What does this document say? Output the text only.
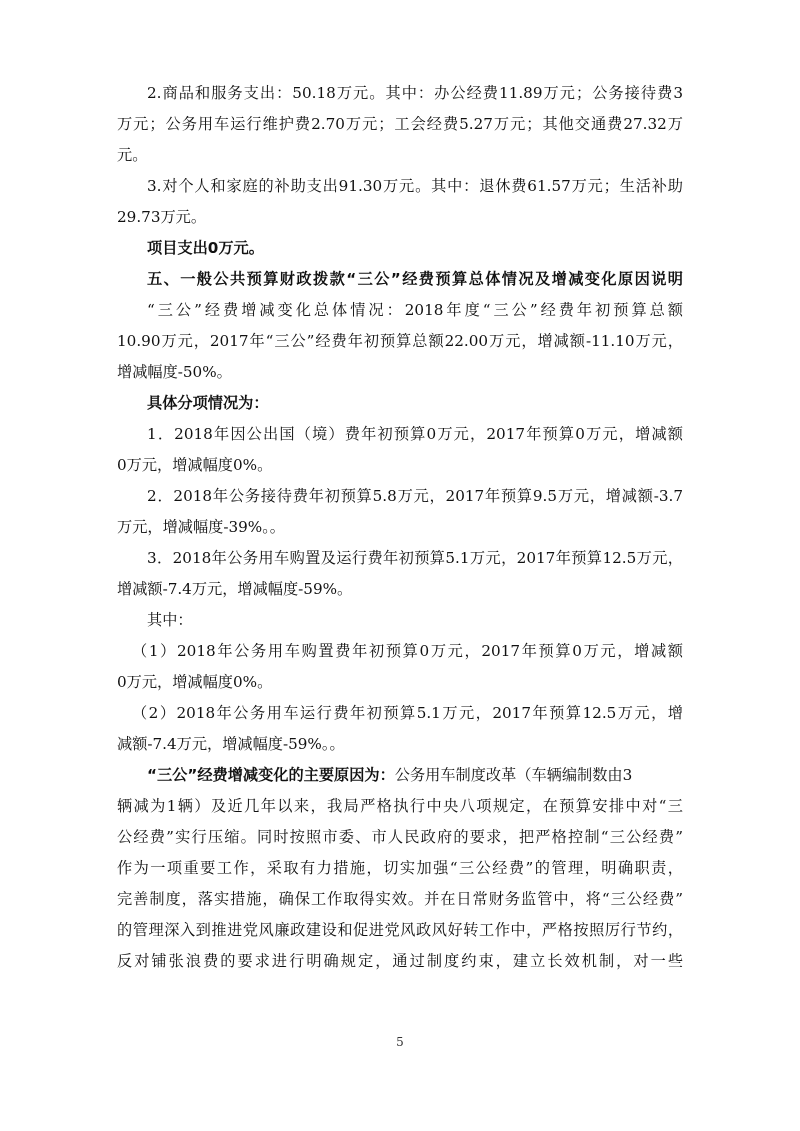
2.商品和服务支出：50.18万元。其中：办公经费11.89万元；公务接待费3
万元；公务用车运行维护费2.70万元；工会经费5.27万元；其他交通费27.32万
元。
3.对个人和家庭的补助支出91.30万元。其中：退休费61.57万元；生活补助
29.73万元。
项目支出0万元。
五、一般公共预算财政拨款“三公”经费预算总体情况及增减变化原因说明
“三公”经费增减变化总体情况：2018年度“三公”经费年初预算总额
10.90万元，2017年“三公”经费年初预算总额22.00万元，增减额-11.10万元，
增减幅度-50%。
具体分项情况为：
1．2018年因公出国（境）费年初预算0万元，2017年预算0万元，增减额
0万元，增减幅度0%。
2．2018年公务接待费年初预算5.8万元，2017年预算9.5万元，增减额-3.7
万元，增减幅度-39%。。
3．2018年公务用车购置及运行费年初预算5.1万元，2017年预算12.5万元，
增减额-7.4万元，增减幅度-59%。
其中：
（1）2018年公务用车购置费年初预算0万元，2017年预算0万元，增减额
0万元，增减幅度0%。
（2）2018年公务用车运行费年初预算5.1万元，2017年预算12.5万元，增
减额-7.4万元，增减幅度-59%。。
“三公”经费增减变化的主要原因为：公务用车制度改革（车辆编制数由3
辆减为1辆）及近几年以来，我局严格执行中央八项规定，在预算安排中对“三
公经费”实行压缩。同时按照市委、市人民政府的要求，把严格控制“三公经费”
作为一项重要工作，采取有力措施，切实加强“三公经费”的管理，明确职责，
完善制度，落实措施，确保工作取得实效。并在日常财务监管中，将“三公经费”
的管理深入到推进党风廉政建设和促进党风政风好转工作中，严格按照厉行节约，
反对铺张浪费的要求进行明确规定，通过制度约束，建立长效机制，对一些
5
